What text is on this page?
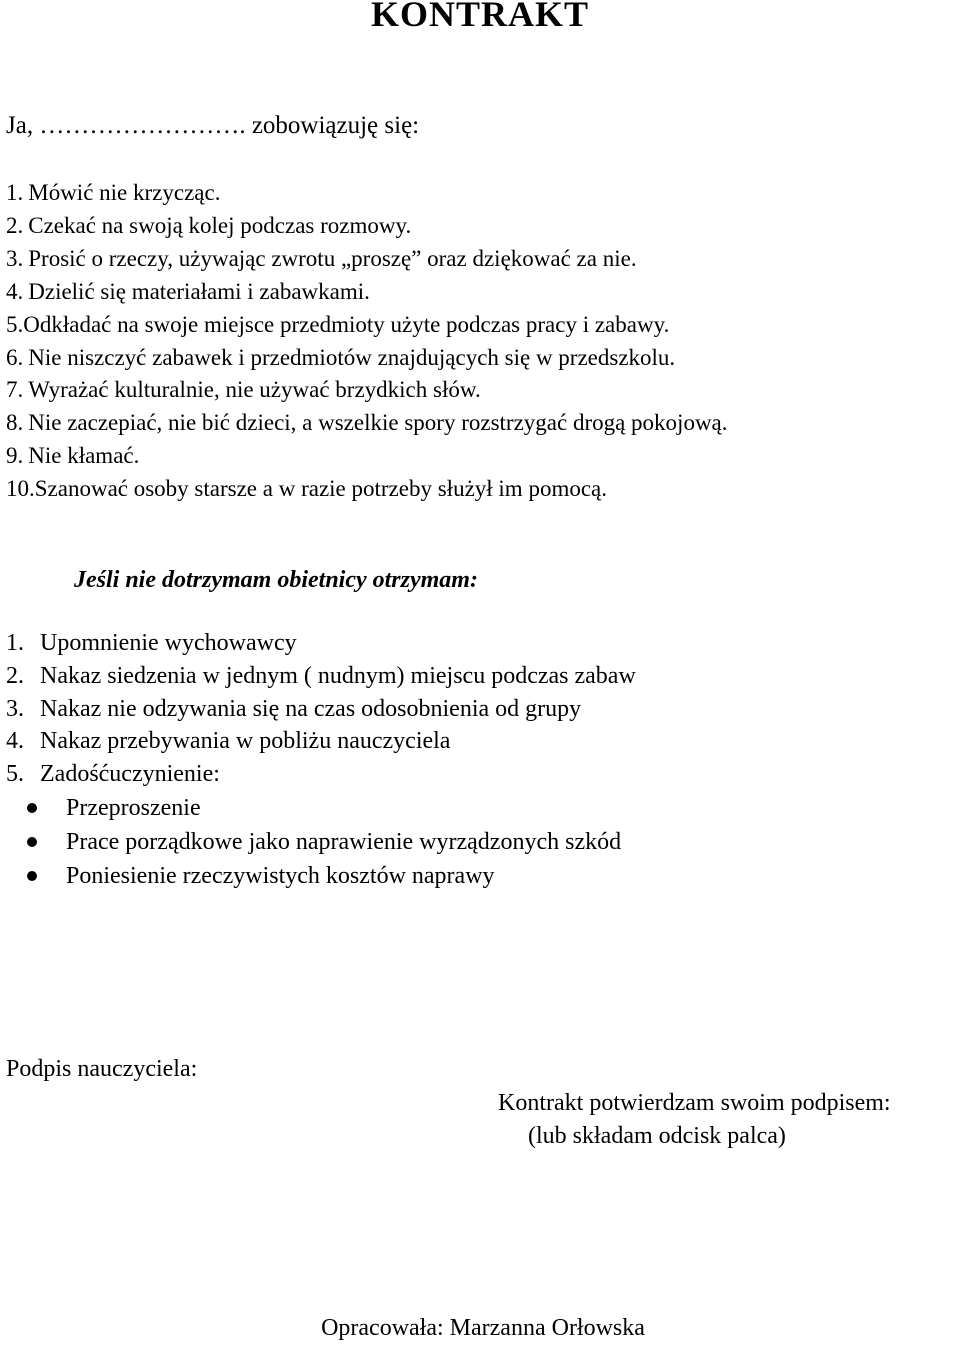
KONTRAKT
Ja, ……………………. zobowiązuję się:
1. Mówić nie krzycząc.
2. Czekać na swoją kolej podczas rozmowy.
3. Prosić o rzeczy, używając zwrotu „proszę” oraz dziękować za nie.
4. Dzielić się materiałami i zabawkami.
5.Odkładać na swoje miejsce przedmioty użyte podczas pracy i zabawy.
6. Nie niszczyć zabawek i przedmiotów znajdujących się w przedszkolu.
7. Wyrażać kulturalnie, nie używać brzydkich słów.
8. Nie zaczepiać, nie bić dzieci, a wszelkie spory rozstrzygać drogą pokojową.
9. Nie kłamać.
10.Szanować osoby starsze a w razie potrzeby służył im pomocą.
Jeśli nie dotrzymam obietnicy otrzymam:
1. Upomnienie wychowawcy
2. Nakaz siedzenia w jednym ( nudnym) miejscu podczas zabaw
3. Nakaz nie odzywania się na czas odosobnienia od grupy
4. Nakaz przebywania w pobliżu nauczyciela
5. Zadośćuczynienie:
Przeproszenie
Prace porządkowe jako naprawienie wyrządzonych szkód
Poniesienie rzeczywistych kosztów naprawy
Podpis nauczyciela:
Kontrakt potwierdzam swoim podpisem:
(lub składam odcisk palca)
Opracowała: Marzanna Orłowska
